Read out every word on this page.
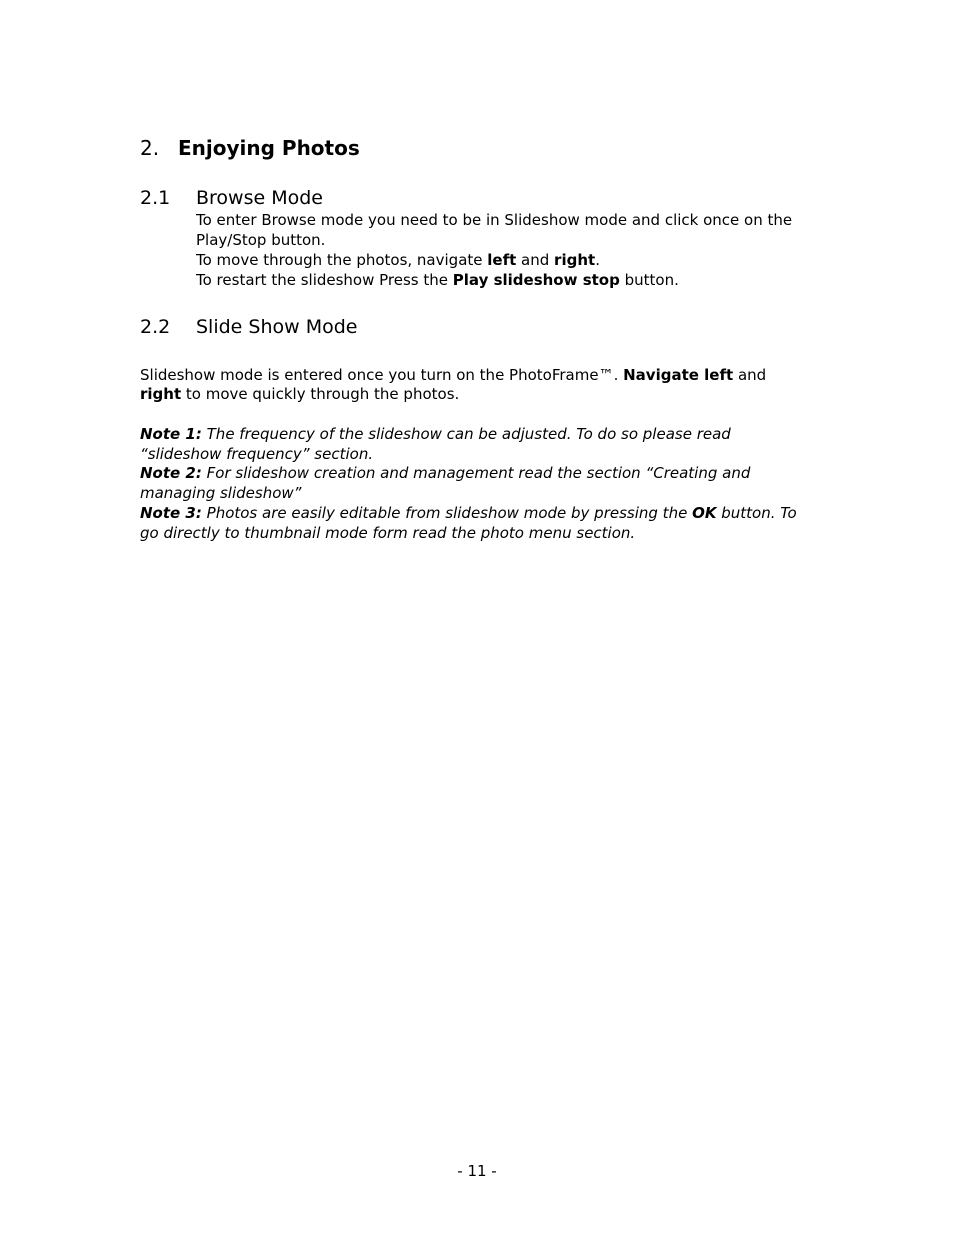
2. Enjoying Photos
2.1 Browse Mode

To enter Browse mode you need to be in Slideshow mode and click once on the Play/Stop button.

To move through the photos, navigate left and right.

To restart the slideshow Press the Play slideshow stop button.

2.2 Slide Show Mode

Slideshow mode is entered once you turn on the PhotoFrame™. Navigate left and right to move quickly through the photos.

Note 1: The frequency of the slideshow can be adjusted. To do so please read “slideshow frequency” section.

Note 2: For slideshow creation and management read the section “Creating and managing slideshow”

Note 3: Photos are easily editable from slideshow mode by pressing the OK button. To go directly to thumbnail mode form read the photo menu section.

- 11 -
